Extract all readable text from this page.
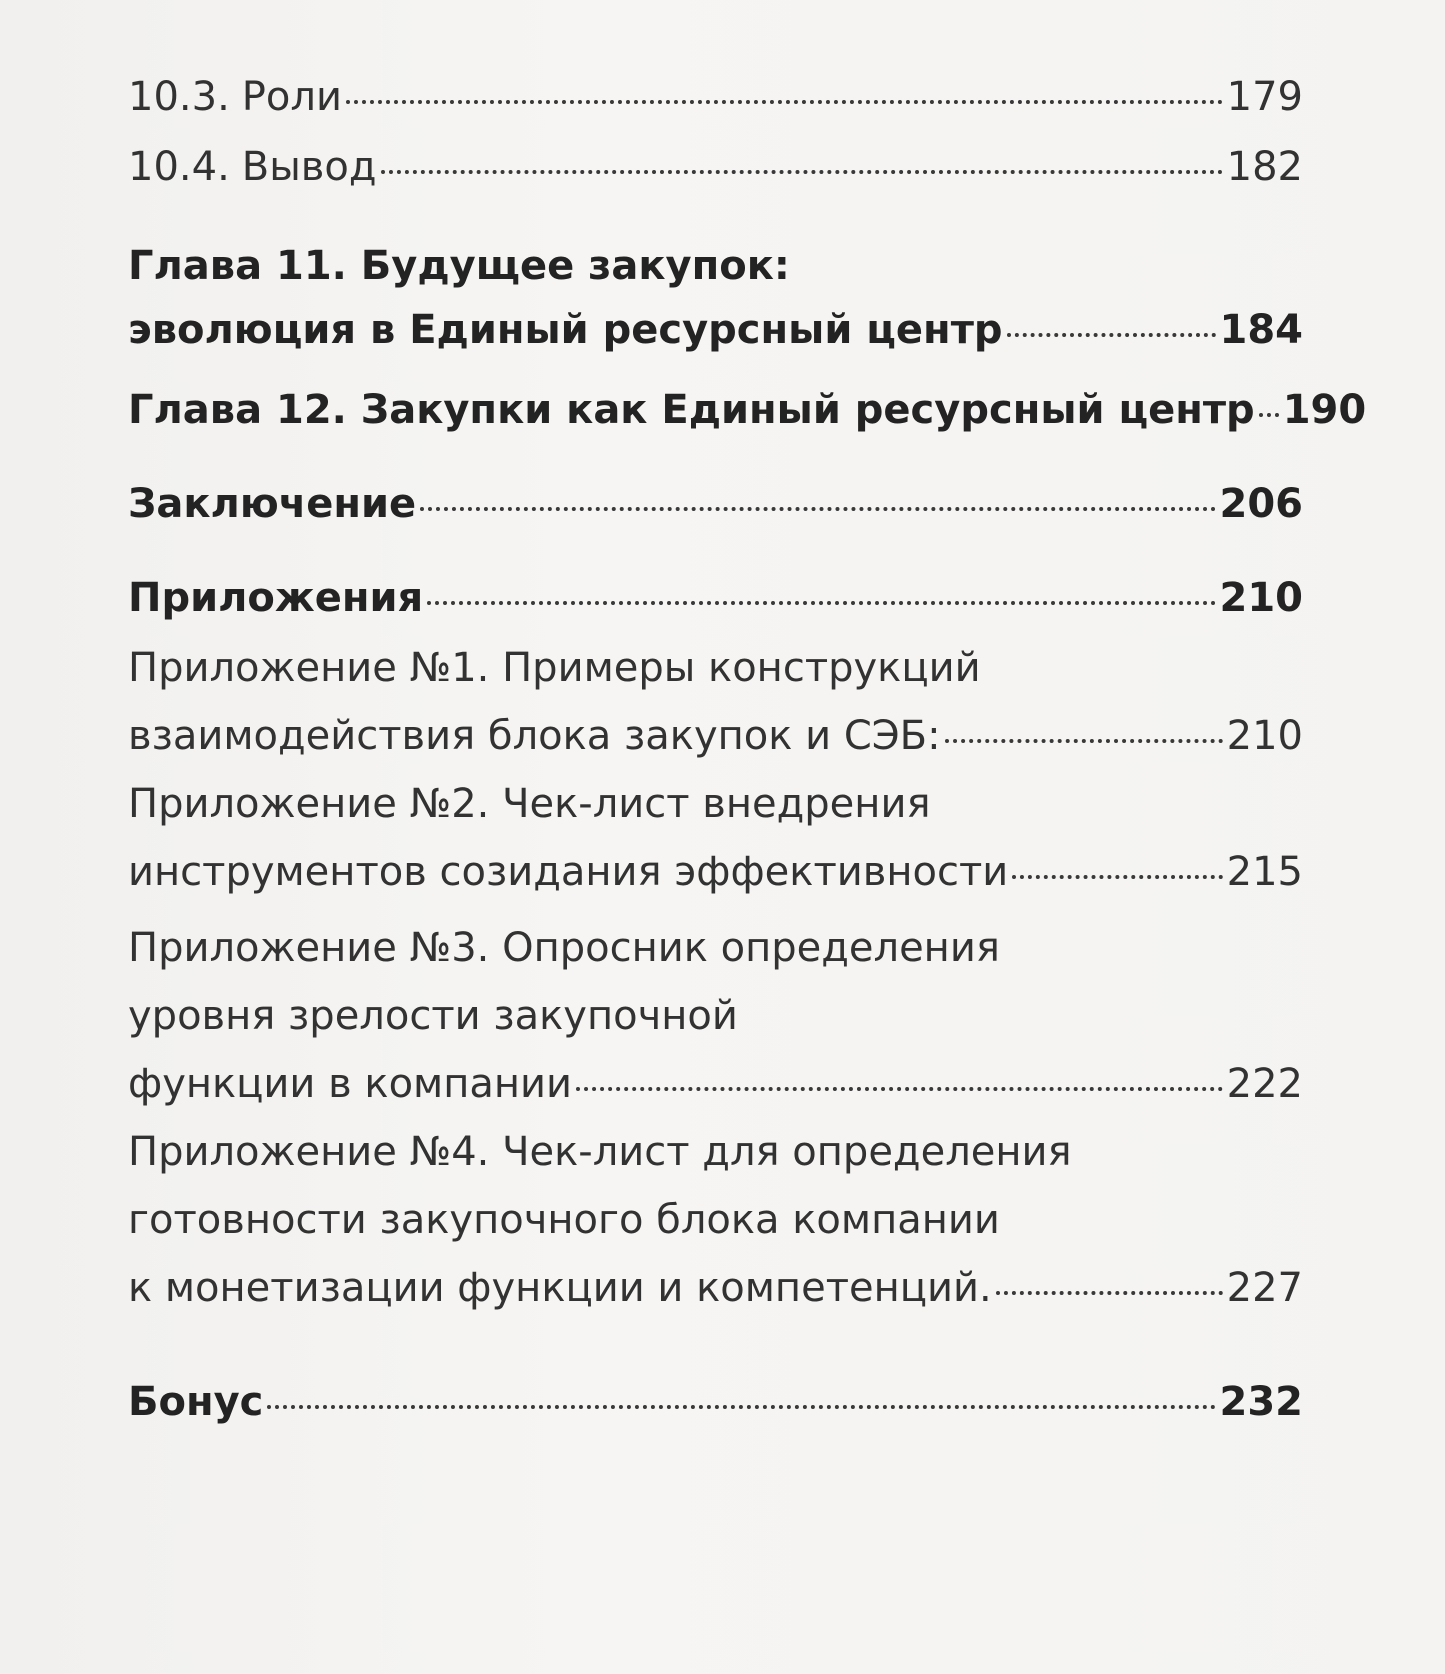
10.3. Роли	179
10.4. Вывод	182
Глава 11. Будущее закупок:
эволюция в Единый ресурсный центр	184
Глава 12. Закупки как Единый ресурсный центр 190
Заключение	206
Приложения	210
Приложение №1. Примеры конструкций
взаимодействия блока закупок и СЭБ:	210
Приложение №2. Чек-лист внедрения
инструментов созидания эффективности	215
Приложение №3. Опросник определения
уровня зрелости закупочной
функции в компании	222
Приложение №4. Чек-лист для определения
готовности закупочного блока компании
к монетизации функции и компетенций.	227
Бонус	232
